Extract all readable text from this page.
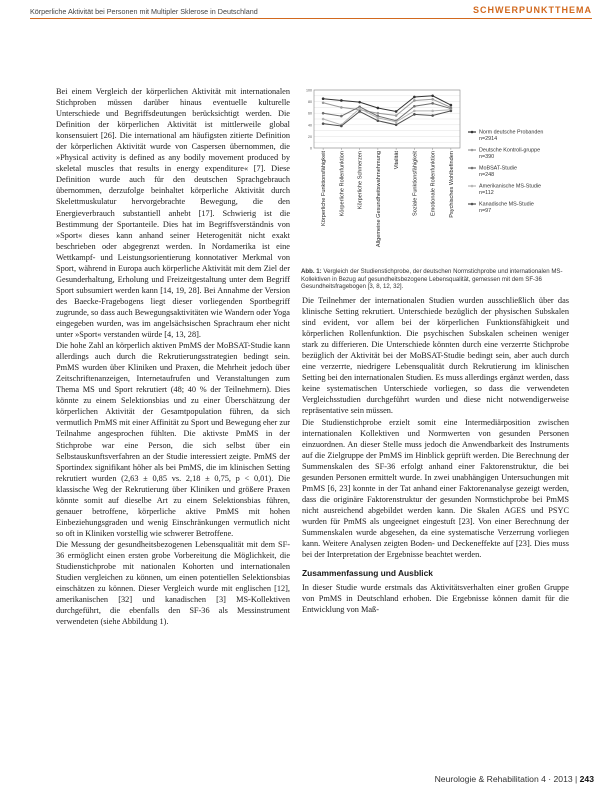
Körperliche Aktivität bei Personen mit Multipler Sklerose in Deutschland	SCHWERPUNKTTHEMA

Bei einem Vergleich der körperlichen Aktivität mit internationalen Stichproben müssen darüber hinaus eventuelle kulturelle Unterschiede und Begriffsdeutungen berücksichtigt werden. Die Definition der körperlichen Aktivität ist mittlerweile global konsensuiert [26]. Die international am häufigsten zitierte Definition der körperlichen Aktivität wurde von Caspersen übernommen, die »Physical activity is defined as any bodily movement produced by skeletal muscles that results in energy expenditure« [7]. Diese Definition wurde auch für den deutschen Sprachgebrauch übernommen, derzufolge beinhaltet körperliche Aktivität durch Skelettmuskulatur hervorgebrachte Bewegung, die den Energieverbrauch substantiell anhebt [17]. Schwierig ist die Bestimmung der Sportanteile. Dies hat im Begriffsverständnis von »Sport« dieses kann anhand seiner Heterogenität nicht exakt beschrieben oder abgegrenzt werden. In Nordamerika ist eine Wettkampf- und Leistungsorientierung konnotativer Merkmal von Sport, während in Europa auch körperliche Aktivität mit dem Ziel der Gesunderhaltung, Erholung und Freizeitgestaltung unter dem Begriff Sport subsumiert werden kann [14, 19, 28]. Bei Annahme der Version des Baecke-Fragebogens liegt dieser vorliegenden Sportbegriff zugrunde, so dass auch Bewegungsaktivitäten wie Wandern oder Yoga eingegeben wurden, was im angelsächsischen Sprachraum eher nicht unter »Sport« verstanden würde [4, 13, 28].

Die hohe Zahl an körperlich aktiven PmMS der MoBSAT-Studie kann allerdings auch durch die Rekrutierungsstrategien bedingt sein. PmMS wurden über Kliniken und Praxen, die Mehrheit jedoch über Zeitschriftenanzeigen, Internetaufrufen und Veranstaltungen zum Thema MS und Sport rekrutiert (48; 40 % der Teilnehmern). Dies könnte zu einem Selektionsbias und zu einer Überschätzung der körperlichen Aktivität der Gesamtpopulation führen, da sich vermutlich PmMS mit einer Affinität zu Sport und Bewegung eher zur Teilnahme angesprochen fühlten. Die aktivste PmMS in der Stichprobe war eine Person, die sich selbst über ein Selbstauskunftsverfahren an der Studie interessiert zeigte. PmMS der Sportindex signifikant höher als bei PmMS, die im klinischen Setting rekrutiert wurden (2,63 ± 0,85 vs. 2,18 ± 0,75, p < 0,01). Die klassische Weg der Rekrutierung über Kliniken und größere Praxen könnte somit auf dieselbe Art zu einem Selektionsbias führen, genauer betroffene, körperliche aktive PmMS mit hohen Einbeziehungsgraden und wenig Einschränkungen vermutlich nicht so oft in Kliniken vorstellig wie schwerer Betroffene.

Die Messung der gesundheitsbezogenen Lebensqualität mit dem SF-36 ermöglicht einen ersten grobe Vorbereitung die Möglichkeit, die Studienstichprobe mit nationalen Kohorten und internationalen Studien vergleichen zu können, um einen potentiellen Selektionsbias einschätzen zu können. Dieser Vergleich wurde mit englischen [12], amerikanischen [32] und kanadischen [3] MS-Kollektiven durchgeführt, die ebenfalls den SF-36 als Messinstrument verwendeten (siehe Abbildung 1).

0
20
40
60
80
100
Körperliche Funktionsfähigkeit Körperliche Rollenfunktion Körperliche Schmerzen Allgemeine Gesundheitswahrnehmung Vitalität Soziale Funktionsfähigkeit Emotionale Rollenfunktion Psychisches Wohlbefinden
Norm deutsche Probanden
n=2914
Deutsche Kontroll-gruppe
n=390
MoBSAT-Studie
n=248
Amerikanische MS-Studie
n=112
Kanadische MS-Studie
n=97
Abb. 1: Vergleich der Studienstichprobe, der deutschen Normstichprobe und internationalen MS-Kollektiven in Bezug auf gesundheitsbezogene Lebensqualität, gemessen mit dem SF-36 Gesundheitsfragebogen [3, 8, 12, 32].

Die Teilnehmer der internationalen Studien wurden ausschließlich über das klinische Setting rekrutiert. Unterschiede bezüglich der physischen Subskalen sind evident, vor allem bei der körperlichen Funktionsfähigkeit und körperlichen Rollenfunktion. Die psychischen Subskalen scheinen weniger stark zu differieren. Die Unterschiede könnten durch eine verzerrte Stichprobe bezüglich der Aktivität bei der MoBSAT-Studie bedingt sein, aber auch durch eine verzerrte, niedrigere Lebensqualität durch Rekrutierung im klinischen Setting bei den internationalen Studien. Es muss allerdings ergänzt werden, dass keine systematischen Unterschiede vorliegen, so dass die verwendeten Vergleichsstudien durchgeführt wurden und diese nicht notwendigerweise repräsentative sein müssen.

Die Studienstichprobe erzielt somit eine Intermediärposition zwischen internationalen Kollektiven und Normwerten von gesunden Personen einzuordnen. An dieser Stelle muss jedoch die Anwendbarkeit des Instruments auf die Zielgruppe der PmMS im Hinblick geprüft werden. Die Berechnung der Summenskalen des SF-36 erfolgt anhand einer Faktorenstruktur, die bei gesunden Personen ermittelt wurde. In zwei unabhängigen Untersuchungen mit PmMS [6, 23] konnte in der Tat anhand einer Faktorenanalyse gezeigt werden, dass die originäre Faktorenstruktur der gesunden Normstichprobe bei PmMS nicht ausreichend abgebildet werden kann. Die Skalen AGES und PSYC wurden für PmMS als ungeeignet eingestuft [23]. Von einer Berechnung der Summenskalen wurde abgesehen, da eine systematische Verzerrung vorliegen kann. Weitere Analysen zeigten Boden- und Deckeneffekte auf [23]. Dies muss bei der Interpretation der Ergebnisse beachtet werden.

Zusammenfassung und Ausblick

In dieser Studie wurde erstmals das Aktivitätsverhalten einer großen Gruppe von PmMS in Deutschland erhoben. Die Ergebnisse können damit für die Entwicklung von Maß-

Neurologie & Rehabilitation 4 · 2013 | 243
